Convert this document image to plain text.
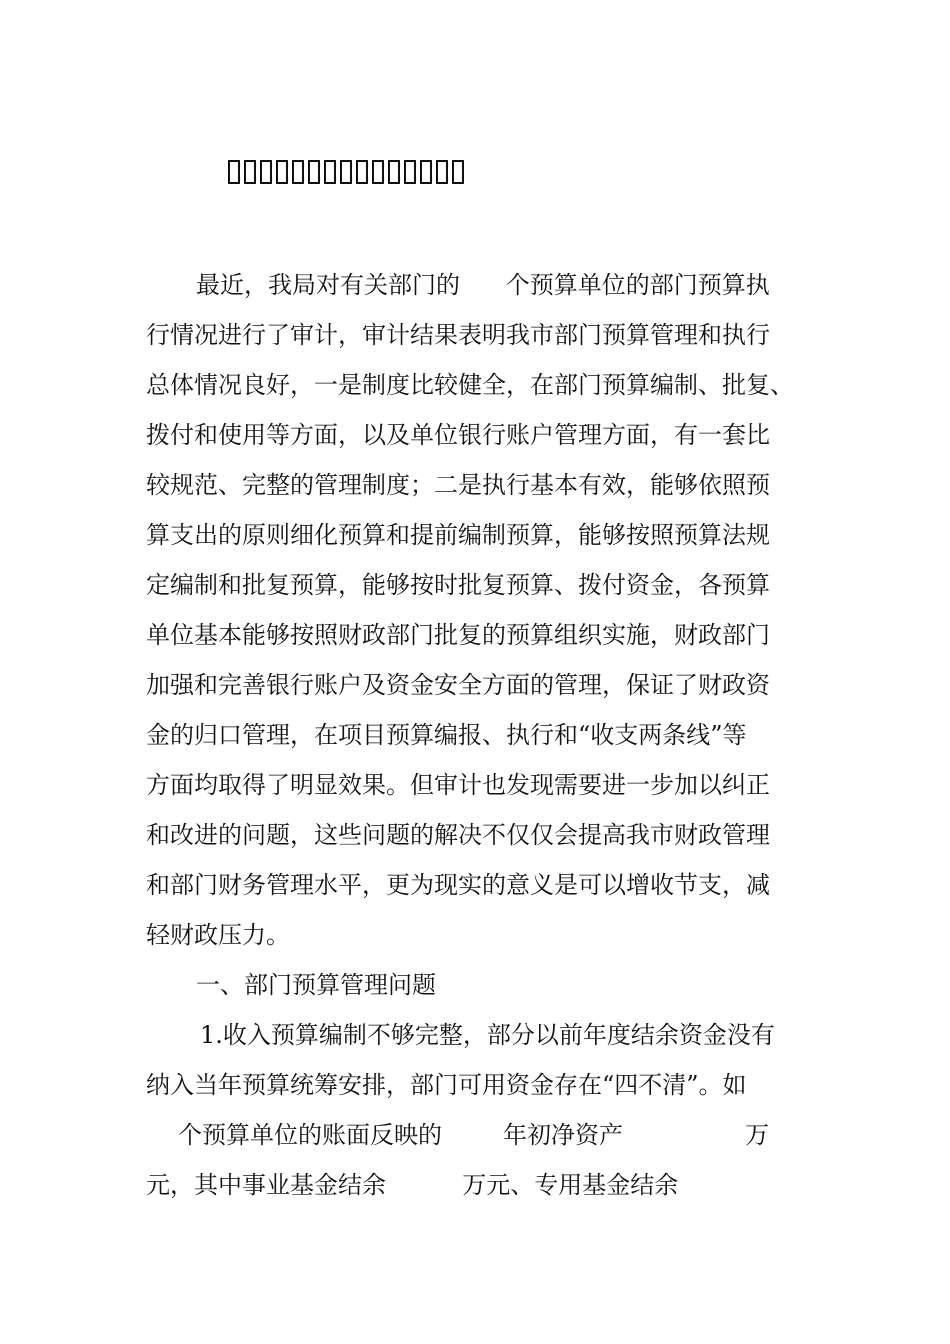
最近，我局对有关部门的      个预算单位的部门预算执
行情况进行了审计，审计结果表明我市部门预算管理和执行
总体情况良好，一是制度比较健全，在部门预算编制、批复、
拨付和使用等方面，以及单位银行账户管理方面，有一套比
较规范、完整的管理制度；二是执行基本有效，能够依照预
算支出的原则细化预算和提前编制预算，能够按照预算法规
定编制和批复预算，能够按时批复预算、拨付资金，各预算
单位基本能够按照财政部门批复的预算组织实施，财政部门
加强和完善银行账户及资金安全方面的管理，保证了财政资
金的归口管理，在项目预算编报、执行和“收支两条线”等
方面均取得了明显效果。但审计也发现需要进一步加以纠正
和改进的问题，这些问题的解决不仅仅会提高我市财政管理
和部门财务管理水平，更为现实的意义是可以增收节支，减
轻财政压力。
一、部门预算管理问题
1.收入预算编制不够完整，部分以前年度结余资金没有
纳入当年预算统筹安排，部门可用资金存在“四不清”。如
个预算单位的账面反映的        年初净资产                万
元，其中事业基金结余          万元、专用基金结余
